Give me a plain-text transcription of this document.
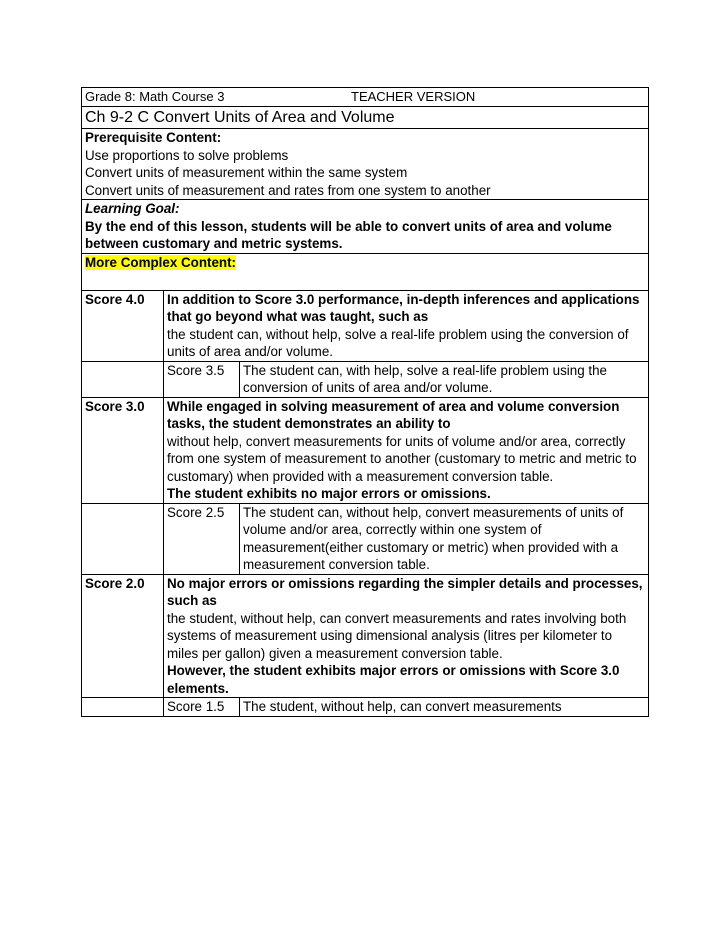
Grade 8: Math Course 3	TEACHER VERSION
Ch 9-2 C Convert Units of Area and Volume
Prerequisite Content:
Use proportions to solve problems
Convert units of measurement within the same system
Convert units of measurement and rates from one system to another
Learning Goal:
By the end of this lesson, students will be able to convert units of area and volume between customary and metric systems.
More Complex Content:
Score 4.0	In addition to Score 3.0 performance, in-depth inferences and applications that go beyond what was taught, such as
the student can, without help, solve a real-life problem using the conversion of units of area and/or volume.

Score 3.5	The student can, with help, solve a real-life problem using the conversion of units of area and/or volume.

Score 3.0	While engaged in solving measurement of area and volume conversion tasks, the student demonstrates an ability to
without help, convert measurements for units of volume and/or area, correctly from one system of measurement to another (customary to metric and metric to customary) when provided with a measurement conversion table.
The student exhibits no major errors or omissions.

Score 2.5	The student can, without help, convert measurements of units of volume and/or area, correctly within one system of measurement(either customary or metric) when provided with a measurement conversion table.

Score 2.0	No major errors or omissions regarding the simpler details and processes, such as
the student, without help, can convert measurements and rates involving both systems of measurement using dimensional analysis (litres per kilometer to miles per gallon) given a measurement conversion table.
However, the student exhibits major errors or omissions with Score 3.0 elements.

Score 1.5	The student, without help, can convert measurements
